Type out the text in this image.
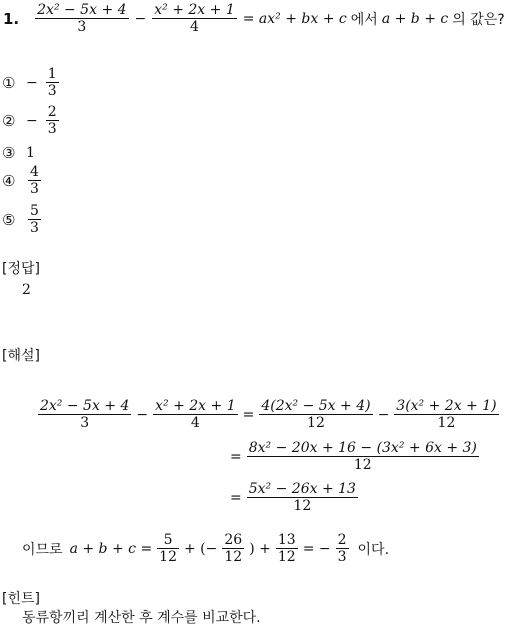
1. $\frac{\text{2x² − 5x + 4}}{3} - \frac{\text{x² + 2x + 1}}{4} = ax^2$ + bx + c 에서 a + b + c 의 값은?
① − $\frac{1}{3}$
② − $\frac{2}{3}$
③ 1
④ $\frac{4}{3}$
⑤ $\frac{5}{3}$
[정답]
2
[해설]
$\frac{\text{2x² − 5x + 4}}{3} - \frac{\text{x² + 2x + 1}}{4} = \frac{\text{4(2x² − 5x + 4)}}{12} - \frac{\text{3(x² + 2x + 1)}}{12}$
= $\frac{\text{8x² − 20x + 16 − (3x² + 6x + 3)}}{12}$
= $\frac{\text{5x² − 26x + 13}}{12}$
이므로 $a + b + c = \frac{5}{12}$ + (− $\frac{26}{12}$ ) + $\frac{13}{12}$ = − $\frac{2}{3}$ 이다.
[힌트]
동류항끼리 계산한 후 계수를 비교한다.
